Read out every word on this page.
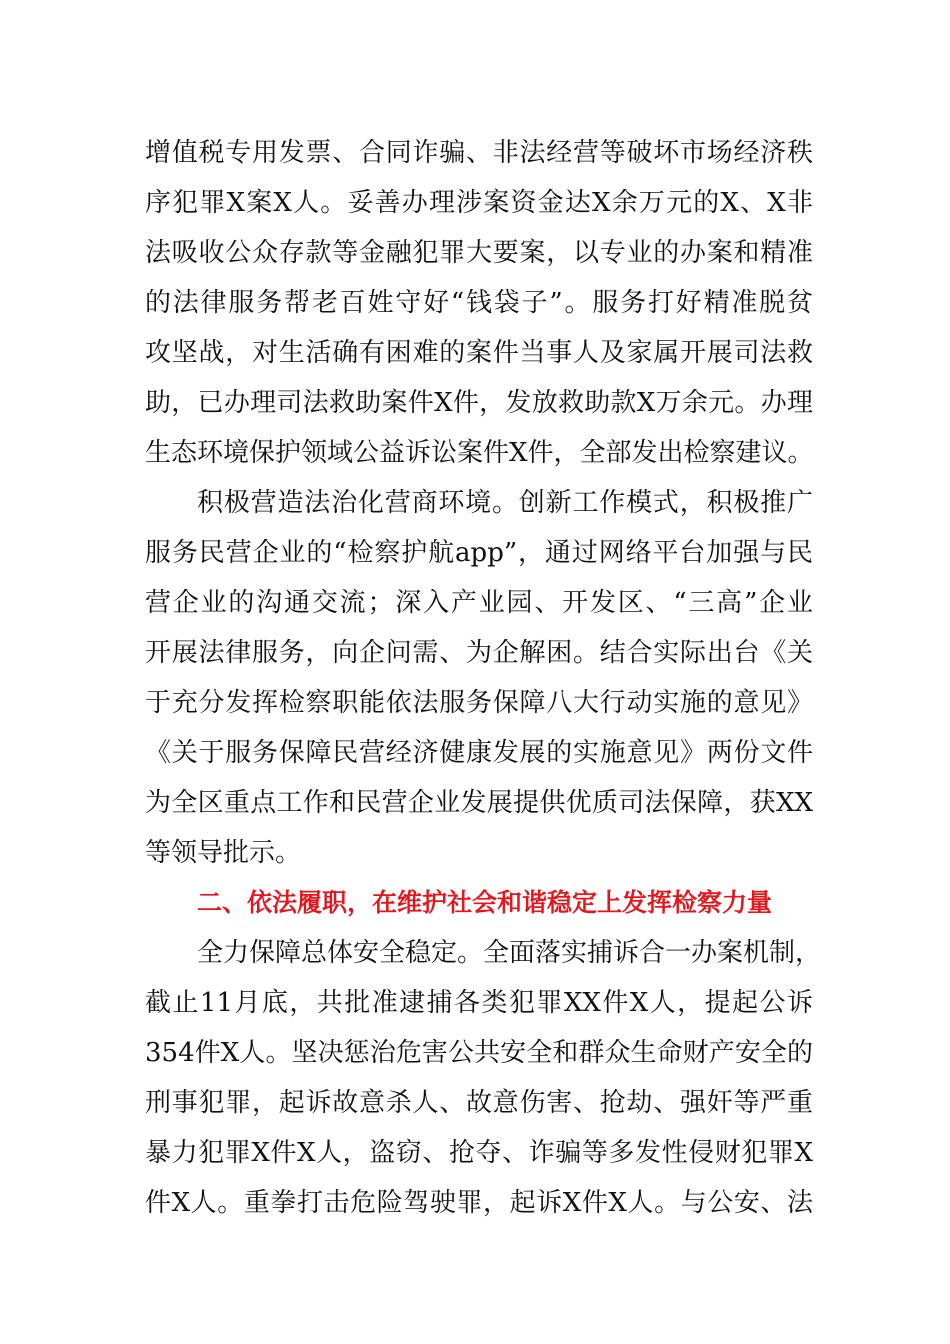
增值税专用发票、合同诈骗、非法经营等破坏市场经济秩
序犯罪X案X人。妥善办理涉案资金达X余万元的X、X非
法吸收公众存款等金融犯罪大要案，以专业的办案和精准
的法律服务帮老百姓守好“钱袋子”。服务打好精准脱贫
攻坚战，对生活确有困难的案件当事人及家属开展司法救
助，已办理司法救助案件X件，发放救助款X万余元。办理
生态环境保护领域公益诉讼案件X件，全部发出检察建议。
积极营造法治化营商环境。创新工作模式，积极推广
服务民营企业的“检察护航app”，通过网络平台加强与民
营企业的沟通交流；深入产业园、开发区、“三高”企业
开展法律服务，向企问需、为企解困。结合实际出台《关
于充分发挥检察职能依法服务保障八大行动实施的意见》
《关于服务保障民营经济健康发展的实施意见》两份文件
为全区重点工作和民营企业发展提供优质司法保障，获XX
等领导批示。
二、依法履职，在维护社会和谐稳定上发挥检察力量
全力保障总体安全稳定。全面落实捕诉合一办案机制，
截止11月底，共批准逮捕各类犯罪XX件X人，提起公诉
354件X人。坚决惩治危害公共安全和群众生命财产安全的
刑事犯罪，起诉故意杀人、故意伤害、抢劫、强奸等严重
暴力犯罪X件X人，盗窃、抢夺、诈骗等多发性侵财犯罪X
件X人。重拳打击危险驾驶罪，起诉X件X人。与公安、法
